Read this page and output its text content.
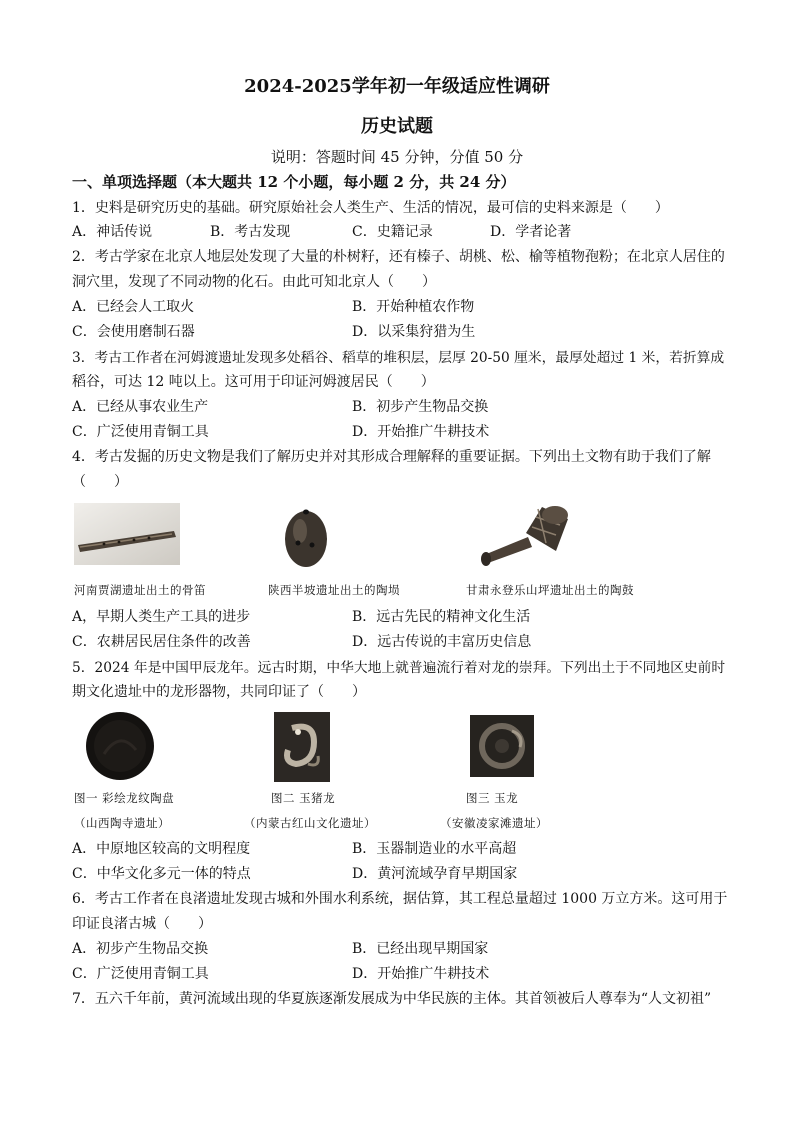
2024-2025学年初一年级适应性调研
历史试题
说明：答题时间 45 分钟，分值 50 分
一、单项选择题（本大题共 12 个小题，每小题 2 分，共 24 分）
1．史料是研究历史的基础。研究原始社会人类生产、生活的情况，最可信的史料来源是（　　）
A．神话传说	B．考古发现	C．史籍记录	D．学者论著
2．考古学家在北京人地层处发现了大量的朴树籽，还有榛子、胡桃、松、榆等植物孢粉；在北京人居住的
洞穴里，发现了不同动物的化石。由此可知北京人（　　）
A．已经会人工取火	B．开始种植农作物
C．会使用磨制石器	D．以采集狩猎为生
3．考古工作者在河姆渡遗址发现多处稻谷、稻草的堆积层，层厚 20-50 厘米，最厚处超过 1 米，若折算成
稻谷，可达 12 吨以上。这可用于印证河姆渡居民（　　）
A．已经从事农业生产	B．初步产生物品交换
C．广泛使用青铜工具	D．开始推广牛耕技术
4．考古发掘的历史文物是我们了解历史并对其形成合理解释的重要证据。下列出土文物有助于我们了解
（　　）
河南贾湖遗址出土的骨笛	陕西半坡遗址出土的陶埙	甘肃永登乐山坪遗址出土的陶鼓
A，早期人类生产工具的进步	B．远古先民的精神文化生活
C．农耕居民居住条件的改善	D．远古传说的丰富历史信息
5．2024 年是中国甲辰龙年。远古时期，中华大地上就普遍流行着对龙的崇拜。下列出土于不同地区史前时
期文化遗址中的龙形器物，共同印证了（　　）
图一 彩绘龙纹陶盘	图二 玉猪龙	图三 玉龙
（山西陶寺遗址）	（内蒙古红山文化遗址）	（安徽凌家滩遗址）
A．中原地区较高的文明程度	B．玉器制造业的水平高超
C．中华文化多元一体的特点	D．黄河流域孕育早期国家
6．考古工作者在良渚遗址发现古城和外围水利系统，据估算，其工程总量超过 1000 万立方米。这可用于
印证良渚古城（　　）
A．初步产生物品交换	B．已经出现早期国家
C．广泛使用青铜工具	D．开始推广牛耕技术
7．五六千年前，黄河流域出现的华夏族逐渐发展成为中华民族的主体。其首领被后人尊奉为“人文初祖”
